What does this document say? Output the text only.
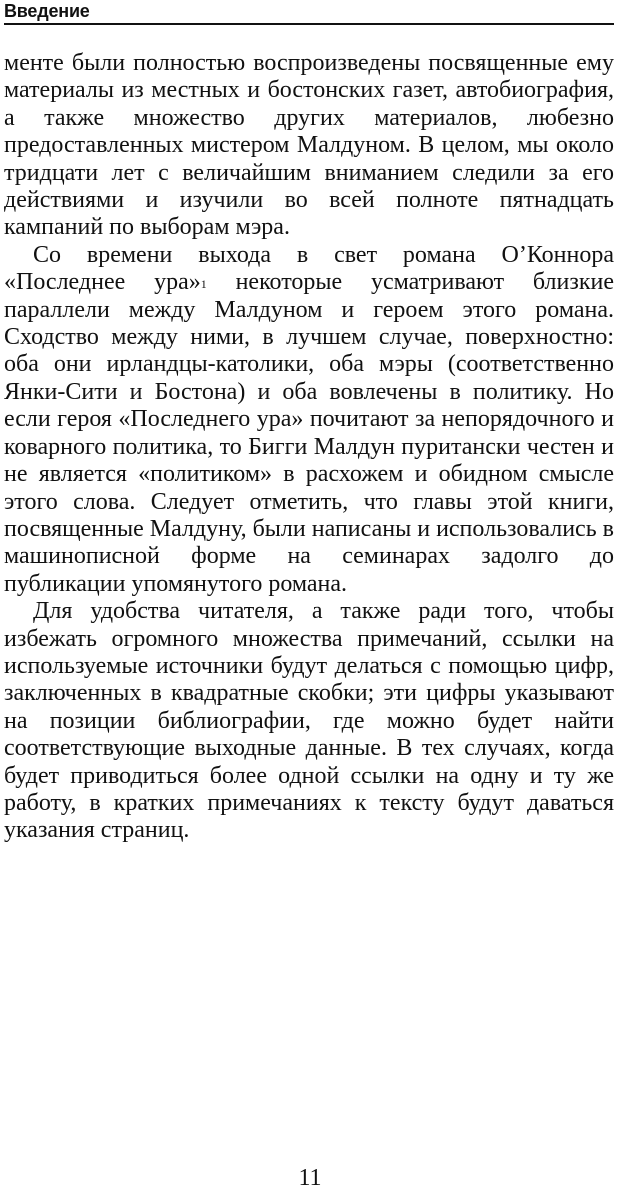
Введение

менте были полностью воспроизведены посвященные ему материалы из местных и бостонских газет, автобиография, а также множество других материалов, любезно предоставленных мистером Малдуном. В целом, мы около тридцати лет с величайшим вниманием следили за его действиями и изучили во всей полноте пятнадцать кампаний по выборам мэра.

Со времени выхода в свет романа О’Коннора «Последнее ура»$^1$ некоторые усматривают близкие параллели между Малдуном и героем этого романа. Сходство между ними, в лучшем случае, поверхностно: оба они ирландцы-католики, оба мэры (соответственно Янки-Сити и Бостона) и оба вовлечены в политику. Но если героя «Последнего ура» почитают за непорядочного и коварного политика, то Бигги Малдун пуритански честен и не является «политиком» в расхожем и обидном смысле этого слова. Следует отметить, что главы этой книги, посвященные Малдуну, были написаны и использовались в машинописной форме на семинарах задолго до публикации упомянутого романа.

Для удобства читателя, а также ради того, чтобы избежать огромного множества примечаний, ссылки на используемые источники будут делаться с помощью цифр, заключенных в квадратные скобки; эти цифры указывают на позиции библиографии, где можно будет найти соответствующие выходные данные. В тех случаях, когда будет приводиться более одной ссылки на одну и ту же работу, в кратких примечаниях к тексту будут даваться указания страниц.

11
